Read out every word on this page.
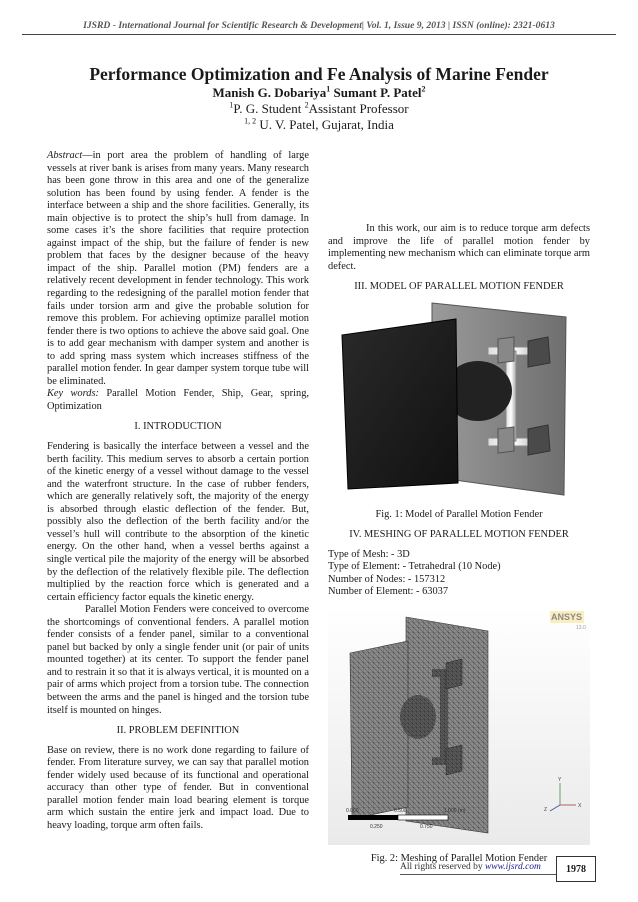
IJSRD - International Journal for Scientific Research & Development| Vol. 1, Issue 9, 2013 | ISSN (online): 2321-0613
Performance Optimization and Fe Analysis of Marine Fender
Manish G. Dobariya$^1$ Sumant P. Patel$^2$
$^1$P. G. Student $^2$Assistant Professor
$^{1, 2}$ U. V. Patel, Gujarat, India

Abstract—in port area the problem of handling of large vessels at river bank is arises from many years. Many research has been gone throw in this area and one of the generalize solution has been found by using fender. A fender is the interface between a ship and the shore facilities. Generally, its main objective is to protect the ship’s hull from damage. In some cases it’s the shore facilities that require protection against impact of the ship, but the failure of fender is new problem that faces by the designer because of the heavy impact of the ship. Parallel motion (PM) fenders are a relatively recent development in fender technology. This work regarding to the redesigning of the parallel motion fender that fails under torsion arm and give the probable solution for remove this problem. For achieving optimize parallel motion fender there is two options to achieve the above said goal. One is to add gear mechanism with damper system and another is to add spring mass system which increases stiffness of the parallel motion fender. In gear damper system torque tube will be eliminated.

Key words: Parallel Motion Fender, Ship, Gear, spring, Optimization

I. INTRODUCTION

Fendering is basically the interface between a vessel and the berth facility. This medium serves to absorb a certain portion of the kinetic energy of a vessel without damage to the vessel and the waterfront structure. In the case of rubber fenders, which are generally relatively soft, the majority of the energy is absorbed through elastic deflection of the fender. But, possibly also the deflection of the berth facility and/or the vessel’s hull will contribute to the absorption of the kinetic energy. On the other hand, when a vessel berths against a single vertical pile the majority of the energy will be absorbed by the deflection of the relatively flexible pile. The deflection multiplied by the reaction force which is generated and a certain efficiency factor equals the kinetic energy.

Parallel Motion Fenders were conceived to overcome the shortcomings of conventional fenders. A parallel motion fender consists of a fender panel, similar to a conventional panel but backed by only a single fender unit (or pair of units mounted together) at its center. To support the fender panel and to restrain it so that it is always vertical, it is mounted on a pair of arms which project from a torsion tube. The connection between the arms and the panel is hinged and the torsion tube itself is mounted on hinges.

II. PROBLEM DEFINITION

Base on review, there is no work done regarding to failure of fender. From literature survey, we can say that parallel motion fender widely used because of its functional and operational accuracy than other type of fender. But in conventional parallel motion fender main load bearing element is torque arm which sustain the entire jerk and impact load. Due to heavy loading, torque arm often fails.

In this work, our aim is to reduce torque arm defects and improve the life of parallel motion fender by implementing new mechanism which can eliminate torque arm defect.

III. MODEL OF PARALLEL MOTION FENDER

Fig. 1: Model of Parallel Motion Fender

IV. MESHING OF PARALLEL MOTION FENDER

Type of Mesh: - 3D

Type of Element: - Tetrahedral (10 Node)

Number of Nodes: - 157312

Number of Element: - 63037

ANSYS
13.0
0.000	0.500	1.000 (m)
0.250	0.750
Y
Z
X

Fig. 2: Meshing of Parallel Motion Fender

All rights reserved by www.ijsrd.com	1978
